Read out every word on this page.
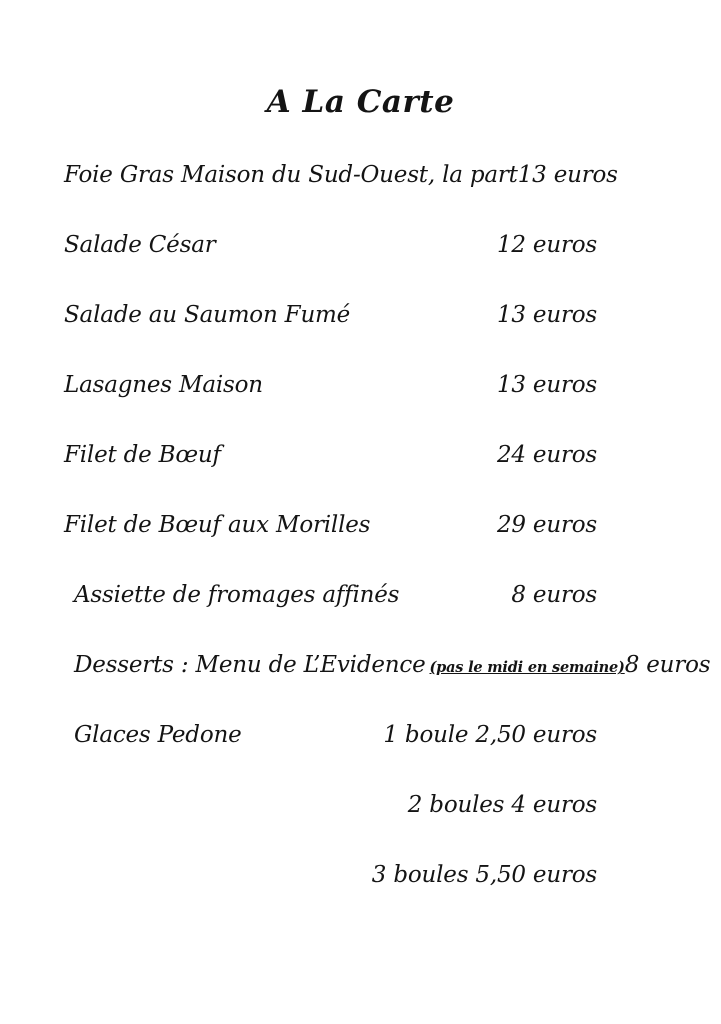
A La Carte
Foie Gras Maison du Sud-Ouest, la part 13 euros
Salade César	12 euros
Salade au Saumon Fumé	13 euros
Lasagnes Maison	13 euros
Filet de Bœuf	24 euros
Filet de Bœuf aux Morilles	29 euros
Assiette de fromages affinés	8 euros
Desserts : Menu de L’Evidence (pas le midi en semaine) 8 euros
Glaces Pedone	1 boule 2,50 euros
2 boules 4 euros
3 boules 5,50 euros
